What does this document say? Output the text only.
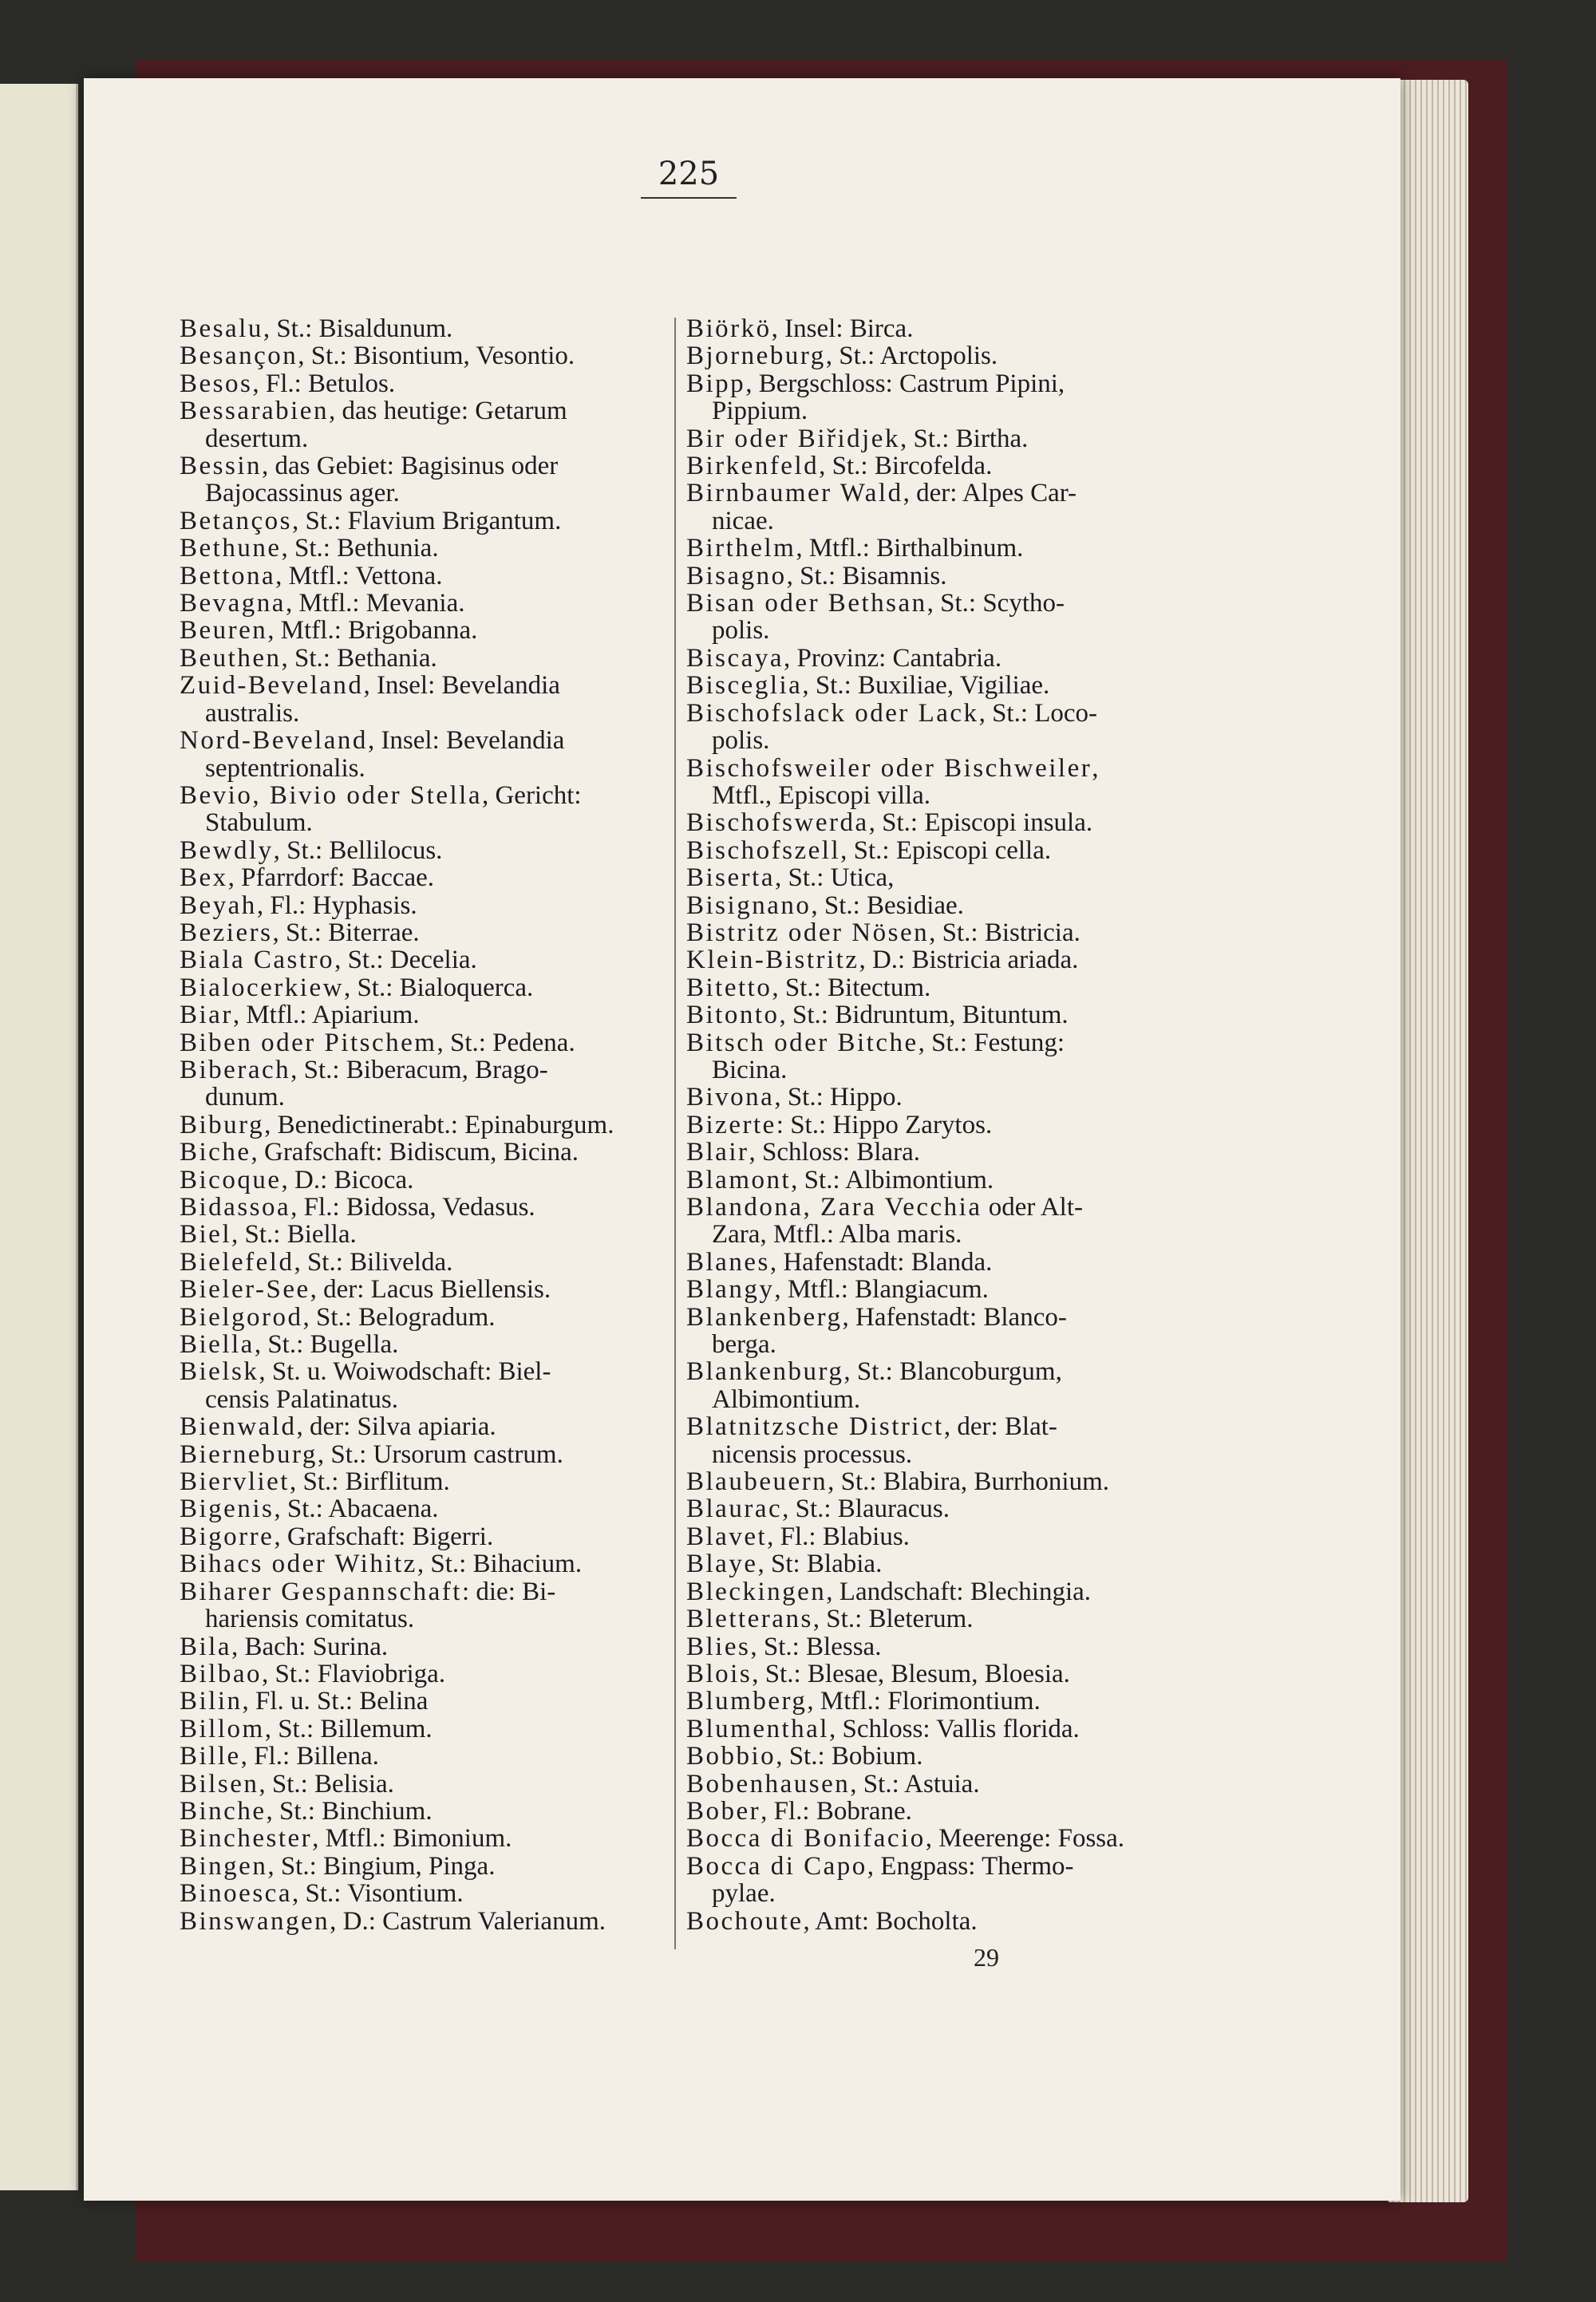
225
Besalu, St.: Bisaldunum.
Besançon, St.: Bisontium, Vesontio.
Besos, Fl.: Betulos.
Bessarabien, das heutige: Getarum
desertum.
Bessin, das Gebiet: Bagisinus oder
Bajocassinus ager.
Betanços, St.: Flavium Brigantum.
Bethune, St.: Bethunia.
Bettona, Mtfl.: Vettona.
Bevagna, Mtfl.: Mevania.
Beuren, Mtfl.: Brigobanna.
Beuthen, St.: Bethania.
Zuid-Beveland, Insel: Bevelandia
australis.
Nord-Beveland, Insel: Bevelandia
septentrionalis.
Bevio, Bivio oder Stella, Gericht:
Stabulum.
Bewdly, St.: Bellilocus.
Bex, Pfarrdorf: Baccae.
Beyah, Fl.: Hyphasis.
Beziers, St.: Biterrae.
Biala Castro, St.: Decelia.
Bialocerkiew, St.: Bialoquerca.
Biar, Mtfl.: Apiarium.
Biben oder Pitschem, St.: Pedena.
Biberach, St.: Biberacum, Brago-
dunum.
Biburg, Benedictinerabt.: Epinaburgum.
Biche, Grafschaft: Bidiscum, Bicina.
Bicoque, D.: Bicoca.
Bidassoa, Fl.: Bidossa, Vedasus.
Biel, St.: Biella.
Bielefeld, St.: Bilivelda.
Bieler-See, der: Lacus Biellensis.
Bielgorod, St.: Belogradum.
Biella, St.: Bugella.
Bielsk, St. u. Woiwodschaft: Biel-
censis Palatinatus.
Bienwald, der: Silva apiaria.
Bierneburg, St.: Ursorum castrum.
Biervliet, St.: Birflitum.
Bigenis, St.: Abacaena.
Bigorre, Grafschaft: Bigerri.
Bihacs oder Wihitz, St.: Bihacium.
Biharer Gespannschaft: die: Bi-
hariensis comitatus.
Bila, Bach: Surina.
Bilbao, St.: Flaviobriga.
Bilin, Fl. u. St.: Belina
Billom, St.: Billemum.
Bille, Fl.: Billena.
Bilsen, St.: Belisia.
Binche, St.: Binchium.
Binchester, Mtfl.: Bimonium.
Bingen, St.: Bingium, Pinga.
Binoesca, St.: Visontium.
Binswangen, D.: Castrum Valerianum.
Biörkö, Insel: Birca.
Bjorneburg, St.: Arctopolis.
Bipp, Bergschloss: Castrum Pipini,
Pippium.
Bir oder Biřidjek, St.: Birtha.
Birkenfeld, St.: Bircofelda.
Birnbaumer Wald, der: Alpes Car-
nicae.
Birthelm, Mtfl.: Birthalbinum.
Bisagno, St.: Bisamnis.
Bisan oder Bethsan, St.: Scytho-
polis.
Biscaya, Provinz: Cantabria.
Bisceglia, St.: Buxiliae, Vigiliae.
Bischofslack oder Lack, St.: Loco-
polis.
Bischofsweiler oder Bischweiler,
Mtfl., Episcopi villa.
Bischofswerda, St.: Episcopi insula.
Bischofszell, St.: Episcopi cella.
Biserta, St.: Utica,
Bisignano, St.: Besidiae.
Bistritz oder Nösen, St.: Bistricia.
Klein-Bistritz, D.: Bistricia ariada.
Bitetto, St.: Bitectum.
Bitonto, St.: Bidruntum, Bituntum.
Bitsch oder Bitche, St.: Festung:
Bicina.
Bivona, St.: Hippo.
Bizerte: St.: Hippo Zarytos.
Blair, Schloss: Blara.
Blamont, St.: Albimontium.
Blandona, Zara Vecchia oder Alt-
Zara, Mtfl.: Alba maris.
Blanes, Hafenstadt: Blanda.
Blangy, Mtfl.: Blangiacum.
Blankenberg, Hafenstadt: Blanco-
berga.
Blankenburg, St.: Blancoburgum,
Albimontium.
Blatnitzsche District, der: Blat-
nicensis processus.
Blaubeuern, St.: Blabira, Burrhonium.
Blaurac, St.: Blauracus.
Blavet, Fl.: Blabius.
Blaye, St: Blabia.
Bleckingen, Landschaft: Blechingia.
Bletterans, St.: Bleterum.
Blies, St.: Blessa.
Blois, St.: Blesae, Blesum, Bloesia.
Blumberg, Mtfl.: Florimontium.
Blumenthal, Schloss: Vallis florida.
Bobbio, St.: Bobium.
Bobenhausen, St.: Astuia.
Bober, Fl.: Bobrane.
Bocca di Bonifacio, Meerenge: Fossa.
Bocca di Capo, Engpass: Thermo-
pylae.
Bochoute, Amt: Bocholta.
29
